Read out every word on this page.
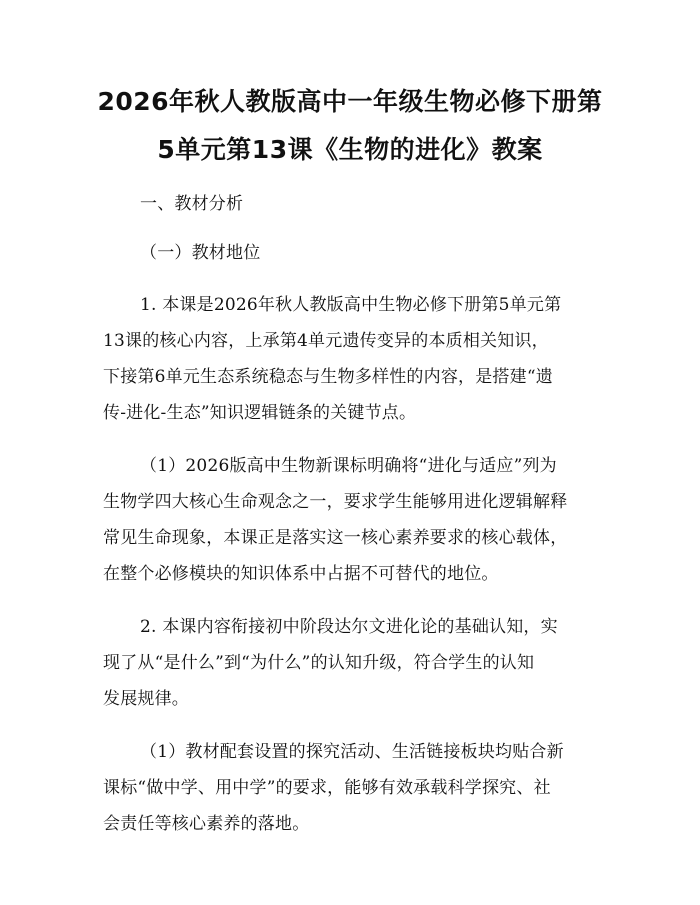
2026年秋人教版高中一年级生物必修下册第
5单元第13课《生物的进化》教案
一、教材分析
（一）教材地位
1. 本课是2026年秋人教版高中生物必修下册第5单元第
13课的核心内容，上承第4单元遗传变异的本质相关知识，
下接第6单元生态系统稳态与生物多样性的内容，是搭建“遗
传-进化-生态”知识逻辑链条的关键节点。
（1）2026版高中生物新课标明确将“进化与适应”列为
生物学四大核心生命观念之一，要求学生能够用进化逻辑解释
常见生命现象，本课正是落实这一核心素养要求的核心载体，
在整个必修模块的知识体系中占据不可替代的地位。
2. 本课内容衔接初中阶段达尔文进化论的基础认知，实
现了从“是什么”到“为什么”的认知升级，符合学生的认知
发展规律。
（1）教材配套设置的探究活动、生活链接板块均贴合新
课标“做中学、用中学”的要求，能够有效承载科学探究、社
会责任等核心素养的落地。
